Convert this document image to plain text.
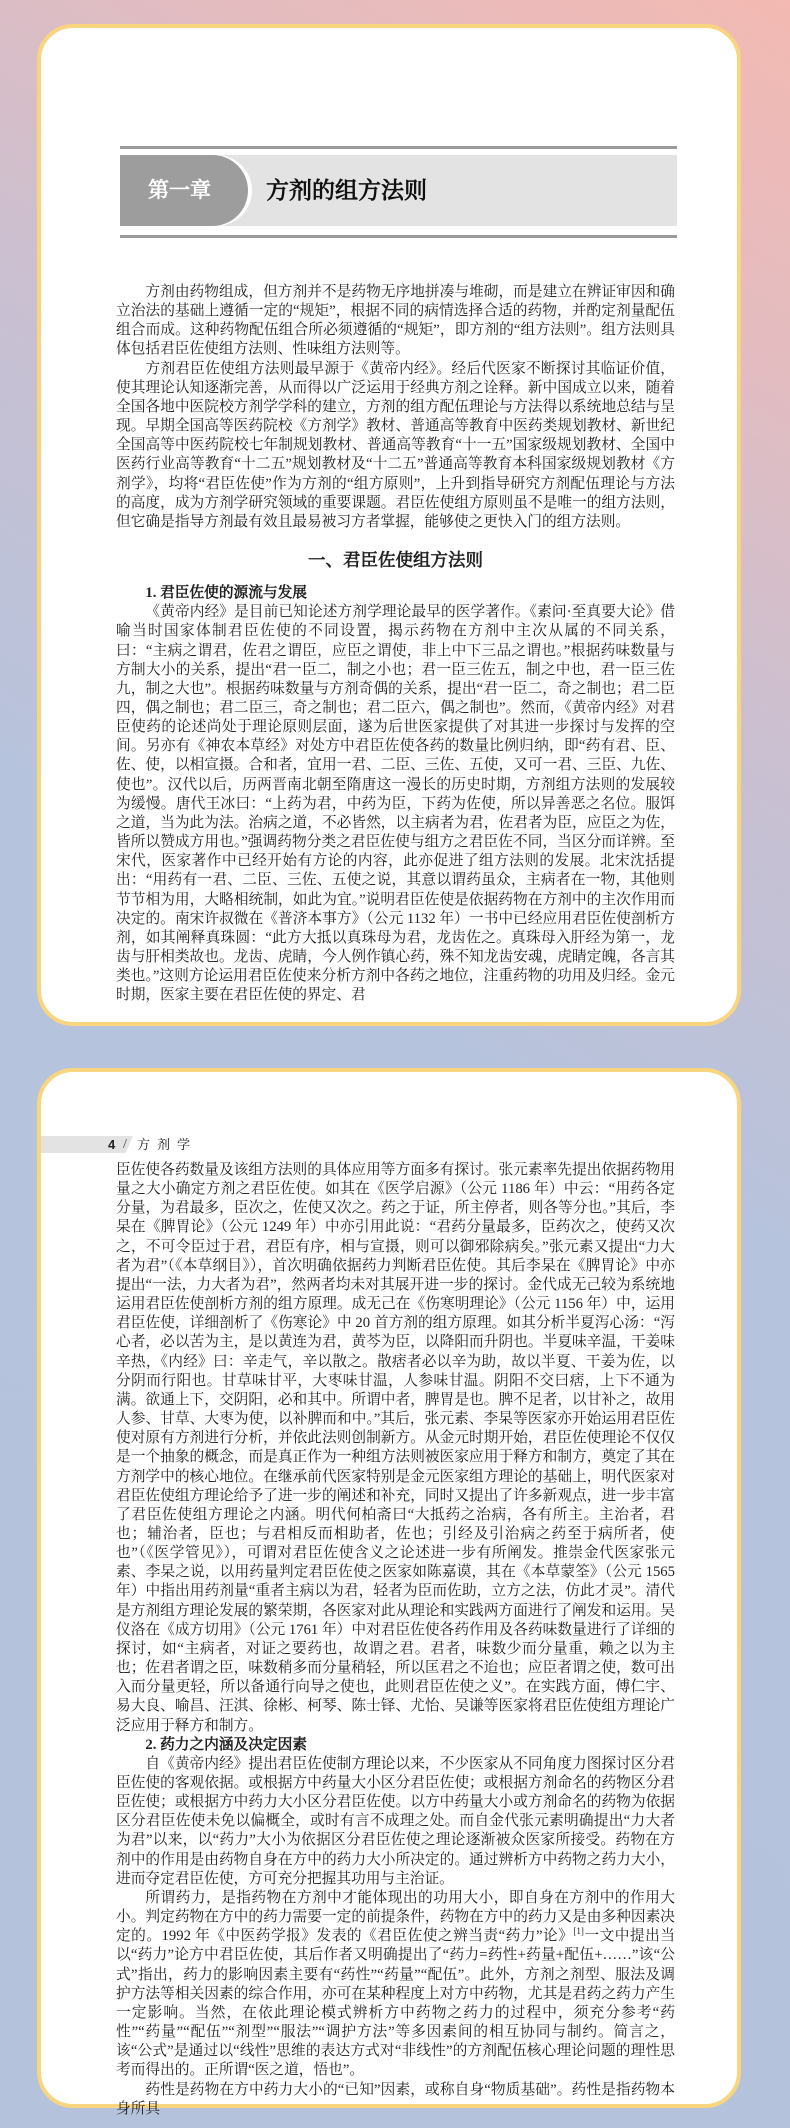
第一章	方剂的组方法则

方剂由药物组成，但方剂并不是药物无序地拼凑与堆砌，而是建立在辨证审因和确立治法的基础上遵循一定的“规矩”，根据不同的病情选择合适的药物，并酌定剂量配伍组合而成。这种药物配伍组合所必须遵循的“规矩”，即方剂的“组方法则”。组方法则具体包括君臣佐使组方法则、性味组方法则等。

方剂君臣佐使组方法则最早源于《黄帝内经》。经后代医家不断探讨其临证价值，使其理论认知逐渐完善，从而得以广泛运用于经典方剂之诠释。新中国成立以来，随着全国各地中医院校方剂学学科的建立，方剂的组方配伍理论与方法得以系统地总结与呈现。早期全国高等医药院校《方剂学》教材、普通高等教育中医药类规划教材、新世纪全国高等中医药院校七年制规划教材、普通高等教育“十一五”国家级规划教材、全国中医药行业高等教育“十二五”规划教材及“十二五”普通高等教育本科国家级规划教材《方剂学》，均将“君臣佐使”作为方剂的“组方原则”，上升到指导研究方剂配伍理论与方法的高度，成为方剂学研究领域的重要课题。君臣佐使组方原则虽不是唯一的组方法则，但它确是指导方剂最有效且最易被习方者掌握，能够使之更快入门的组方法则。

一、君臣佐使组方法则

1. 君臣佐使的源流与发展

《黄帝内经》是目前已知论述方剂学理论最早的医学著作。《素问·至真要大论》借喻当时国家体制君臣佐使的不同设置，揭示药物在方剂中主次从属的不同关系，曰：“主病之谓君，佐君之谓臣，应臣之谓使，非上中下三品之谓也。”根据药味数量与方制大小的关系，提出“君一臣二，制之小也；君一臣三佐五，制之中也，君一臣三佐九，制之大也”。根据药味数量与方剂奇偶的关系，提出“君一臣二，奇之制也；君二臣四，偶之制也；君二臣三，奇之制也；君二臣六，偶之制也”。然而，《黄帝内经》对君臣使药的论述尚处于理论原则层面，遂为后世医家提供了对其进一步探讨与发挥的空间。另亦有《神农本草经》对处方中君臣佐使各药的数量比例归纳，即“药有君、臣、佐、使，以相宣摄。合和者，宜用一君、二臣、三佐、五使，又可一君、三臣、九佐、使也”。汉代以后，历两晋南北朝至隋唐这一漫长的历史时期，方剂组方法则的发展较为缓慢。唐代王冰曰：“上药为君，中药为臣，下药为佐使，所以异善恶之名位。服饵之道，当为此为法。治病之道，不必皆然，以主病者为君，佐君者为臣，应臣之为佐，皆所以赞成方用也。”强调药物分类之君臣佐使与组方之君臣佐不同，当区分而详辨。至宋代，医家著作中已经开始有方论的内容，此亦促进了组方法则的发展。北宋沈括提出：“用药有一君、二臣、三佐、五使之说，其意以谓药虽众，主病者在一物，其他则节节相为用，大略相统制，如此为宜。”说明君臣佐使是依据药物在方剂中的主次作用而决定的。南宋许叔微在《普济本事方》（公元 1132 年）一书中已经应用君臣佐使剖析方剂，如其阐释真珠圆：“此方大抵以真珠母为君，龙齿佐之。真珠母入肝经为第一，龙齿与肝相类故也。龙齿、虎睛，今人例作镇心药，殊不知龙齿安魂，虎睛定魄，各言其类也。”这则方论运用君臣佐使来分析方剂中各药之地位，注重药物的功用及归经。金元时期，医家主要在君臣佐使的界定、君

4 / 方剂学

臣佐使各药数量及该组方法则的具体应用等方面多有探讨。张元素率先提出依据药物用量之大小确定方剂之君臣佐使。如其在《医学启源》（公元 1186 年）中云：“用药各定分量，为君最多，臣次之，佐使又次之。药之于证，所主停者，则各等分也。”其后，李杲在《脾胃论》（公元 1249 年）中亦引用此说：“君药分量最多，臣药次之，使药又次之，不可令臣过于君，君臣有序，相与宣摄，则可以御邪除病矣。”张元素又提出“力大者为君”（《本草纲目》），首次明确依据药力判断君臣佐使。其后李杲在《脾胃论》中亦提出“一法，力大者为君”，然两者均未对其展开进一步的探讨。金代成无己较为系统地运用君臣佐使剖析方剂的组方原理。成无己在《伤寒明理论》（公元 1156 年）中，运用君臣佐使，详细剖析了《伤寒论》中 20 首方剂的组方原理。如其分析半夏泻心汤：“泻心者，必以苦为主，是以黄连为君，黄芩为臣，以降阳而升阴也。半夏味辛温，干姜味辛热，《内经》曰：辛走气，辛以散之。散痞者必以辛为助，故以半夏、干姜为佐，以分阴而行阳也。甘草味甘平，大枣味甘温，人参味甘温。阴阳不交曰痞，上下不通为满。欲通上下，交阴阳，必和其中。所谓中者，脾胃是也。脾不足者，以甘补之，故用人参、甘草、大枣为使，以补脾而和中。”其后，张元素、李杲等医家亦开始运用君臣佐使对原有方剂进行分析，并依此法则创制新方。从金元时期开始，君臣佐使理论不仅仅是一个抽象的概念，而是真正作为一种组方法则被医家应用于释方和制方，奠定了其在方剂学中的核心地位。在继承前代医家特别是金元医家组方理论的基础上，明代医家对君臣佐使组方理论给予了进一步的阐述和补充，同时又提出了许多新观点，进一步丰富了君臣佐使组方理论之内涵。明代何柏斋曰“大抵药之治病，各有所主。主治者，君也；辅治者，臣也；与君相反而相助者，佐也；引经及引治病之药至于病所者，使也”（《医学管见》），可谓对君臣佐使含义之论述进一步有所阐发。推崇金代医家张元素、李杲之说，以用药量判定君臣佐使之医家如陈嘉谟，其在《本草蒙筌》（公元 1565 年）中指出用药剂量“重者主病以为君，轻者为臣而佐助，立方之法，仿此才灵”。清代是方剂组方理论发展的繁荣期，各医家对此从理论和实践两方面进行了阐发和运用。吴仪洛在《成方切用》（公元 1761 年）中对君臣佐使各药作用及各药味数量进行了详细的探讨，如“主病者，对证之要药也，故谓之君。君者，味数少而分量重，赖之以为主也；佐君者谓之臣，味数稍多而分量稍轻，所以匡君之不迨也；应臣者谓之使，数可出入而分量更轻，所以备通行向导之使也，此则君臣佐使之义”。在实践方面，傅仁宇、易大良、喻昌、汪淇、徐彬、柯琴、陈士铎、尤怡、吴谦等医家将君臣佐使组方理论广泛应用于释方和制方。

2. 药力之内涵及决定因素

自《黄帝内经》提出君臣佐使制方理论以来，不少医家从不同角度力图探讨区分君臣佐使的客观依据。或根据方中药量大小区分君臣佐使；或根据方剂命名的药物区分君臣佐使；或根据方中药力大小区分君臣佐使。以方中药量大小或方剂命名的药物为依据区分君臣佐使未免以偏概全，或时有言不成理之处。而自金代张元素明确提出“力大者为君”以来，以“药力”大小为依据区分君臣佐使之理论逐渐被众医家所接受。药物在方剂中的作用是由药物自身在方中的药力大小所决定的。通过辨析方中药物之药力大小，进而夺定君臣佐使，方可充分把握其功用与主治证。

所谓药力，是指药物在方剂中才能体现出的功用大小，即自身在方剂中的作用大小。判定药物在方中的药力需要一定的前提条件，药物在方中的药力又是由多种因素决定的。1992 年《中医药学报》发表的《君臣佐使之辨当责“药力”论》[1]一文中提出当以“药力”论方中君臣佐使，其后作者又明确提出了“药力=药性+药量+配伍+……”该“公式”指出，药力的影响因素主要有“药性”“药量”“配伍”。此外，方剂之剂型、服法及调护方法等相关因素的综合作用，亦可在某种程度上对方中药物，尤其是君药之药力产生一定影响。当然，在依此理论模式辨析方中药物之药力的过程中，须充分参考“药性”“药量”“配伍”“剂型”“服法”“调护方法”等多因素间的相互协同与制约。简言之，该“公式”是通过以“线性”思维的表达方式对“非线性”的方剂配伍核心理论问题的理性思考而得出的。正所谓“医之道，悟也”。

药性是药物在方中药力大小的“已知”因素，或称自身“物质基础”。药性是指药物本身所具
